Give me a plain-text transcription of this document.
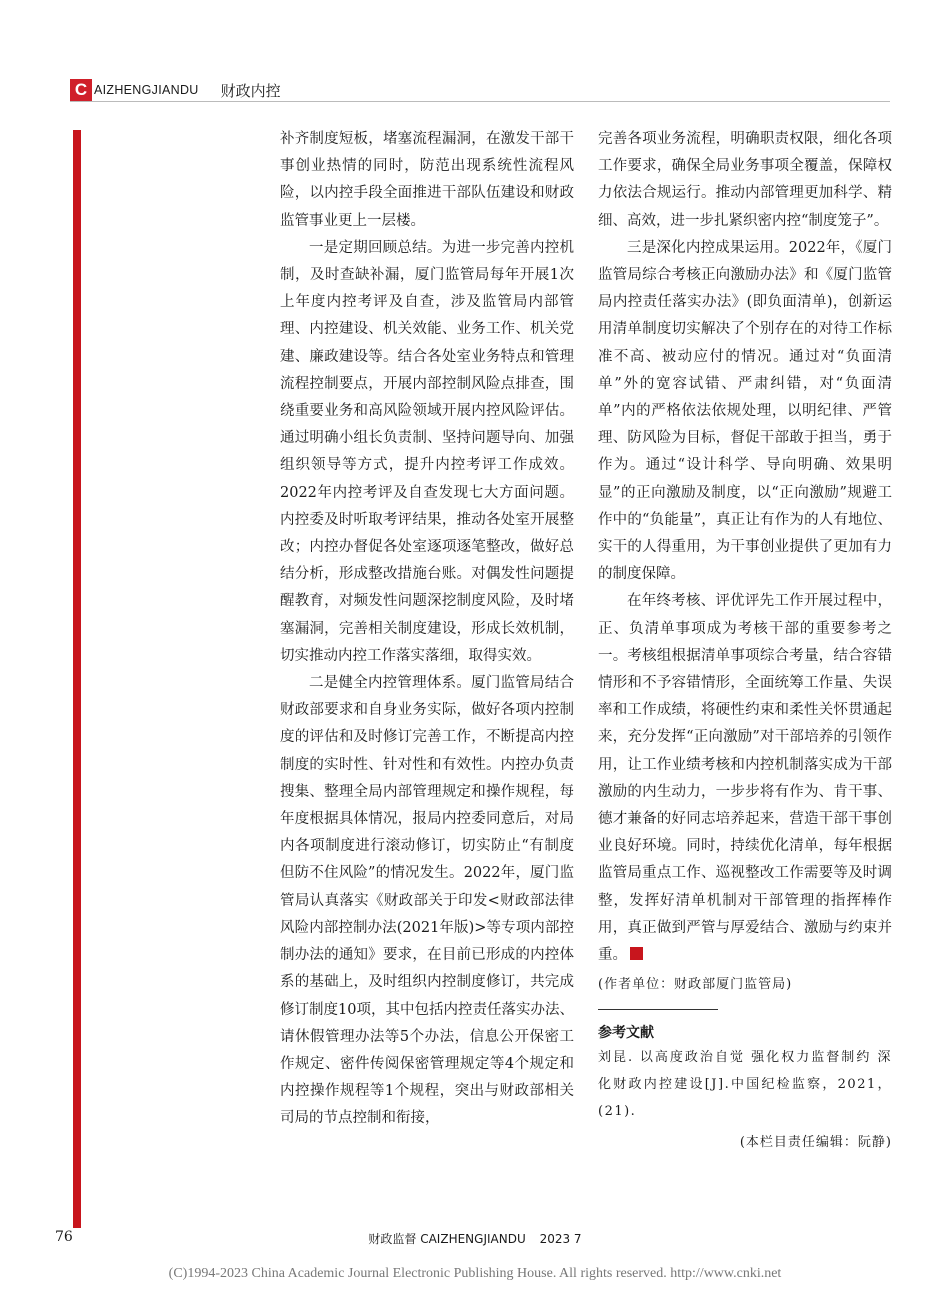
C AIZHENGJIANDU 财政内控

补齐制度短板，堵塞流程漏洞，在激发干部干事创业热情的同时，防范出现系统性流程风险，以内控手段全面推进干部队伍建设和财政监管事业更上一层楼。

一是定期回顾总结。为进一步完善内控机制，及时查缺补漏，厦门监管局每年开展1次上年度内控考评及自查，涉及监管局内部管理、内控建设、机关效能、业务工作、机关党建、廉政建设等。结合各处室业务特点和管理流程控制要点，开展内部控制风险点排查，围绕重要业务和高风险领域开展内控风险评估。通过明确小组长负责制、坚持问题导向、加强组织领导等方式，提升内控考评工作成效。2022年内控考评及自查发现七大方面问题。内控委及时听取考评结果，推动各处室开展整改；内控办督促各处室逐项逐笔整改，做好总结分析，形成整改措施台账。对偶发性问题提醒教育，对频发性问题深挖制度风险，及时堵塞漏洞，完善相关制度建设，形成长效机制，切实推动内控工作落实落细，取得实效。

二是健全内控管理体系。厦门监管局结合财政部要求和自身业务实际，做好各项内控制度的评估和及时修订完善工作，不断提高内控制度的实时性、针对性和有效性。内控办负责搜集、整理全局内部管理规定和操作规程，每年度根据具体情况，报局内控委同意后，对局内各项制度进行滚动修订，切实防止“有制度但防不住风险”的情况发生。2022年，厦门监管局认真落实《财政部关于印发<财政部法律风险内部控制办法(2021年版)>等专项内部控制办法的通知》要求，在目前已形成的内控体系的基础上，及时组织内控制度修订，共完成修订制度10项，其中包括内控责任落实办法、请休假管理办法等5个办法，信息公开保密工作规定、密件传阅保密管理规定等4个规定和内控操作规程等1个规程，突出与财政部相关司局的节点控制和衔接，

完善各项业务流程，明确职责权限，细化各项工作要求，确保全局业务事项全覆盖，保障权力依法合规运行。推动内部管理更加科学、精细、高效，进一步扎紧织密内控“制度笼子”。

三是深化内控成果运用。2022年，《厦门监管局综合考核正向激励办法》和《厦门监管局内控责任落实办法》(即负面清单)，创新运用清单制度切实解决了个别存在的对待工作标准不高、被动应付的情况。通过对“负面清单”外的宽容试错、严肃纠错，对“负面清单”内的严格依法依规处理，以明纪律、严管理、防风险为目标，督促干部敢于担当，勇于作为。通过“设计科学、导向明确、效果明显”的正向激励及制度，以“正向激励”规避工作中的“负能量”，真正让有作为的人有地位、实干的人得重用，为干事创业提供了更加有力的制度保障。

在年终考核、评优评先工作开展过程中，正、负清单事项成为考核干部的重要参考之一。考核组根据清单事项综合考量，结合容错情形和不予容错情形，全面统筹工作量、失误率和工作成绩，将硬性约束和柔性关怀贯通起来，充分发挥“正向激励”对干部培养的引领作用，让工作业绩考核和内控机制落实成为干部激励的内生动力，一步步将有作为、肯干事、德才兼备的好同志培养起来，营造干部干事创业良好环境。同时，持续优化清单，每年根据监管局重点工作、巡视整改工作需要等及时调整，发挥好清单机制对干部管理的指挥棒作用，真正做到严管与厚爱结合、激励与约束并重。

(作者单位：财政部厦门监管局)

参考文献

刘昆. 以高度政治自觉 强化权力监督制约 深化财政内控建设[J].中国纪检监察，2021，(21).

(本栏目责任编辑：阮静)

76	财政监督 CAIZHENGJIANDU 2023 7
(C)1994-2023 China Academic Journal Electronic Publishing House. All rights reserved. http://www.cnki.net
